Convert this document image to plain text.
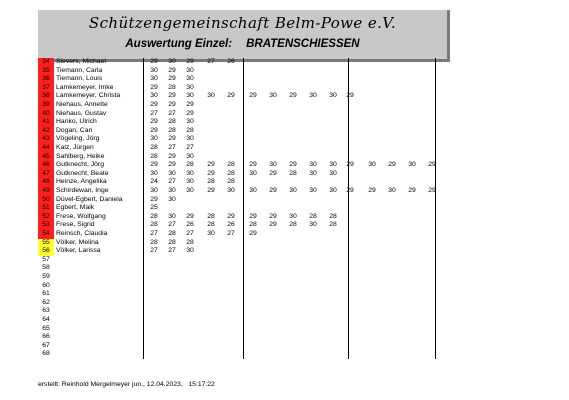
Schützengemeinschaft Belm-Powe e.V.
Auswertung Einzel: BRATENSCHIESSEN
34 Sievers, Michael	29	30	29	27	26
35 Tiemann, Carla	30	29	30
36 Tiemann, Louis	30	29	30
37 Lamkemeyer, Imke	29	28	30
38 Lamkemeyer, Christa	30	29	30	30	29	29	30	29	30	30	29
39 Niehaus, Annette	29	29	29
40 Niehaus, Gustav	27	27	29
41 Hanko, Ulrich	29	28	30
42 Dogan, Can	29	28	28
43 Vögeling, Jörg	30	29	30
44 Kalz, Jürgen	28	27	27
45 Sahlberg, Heike	28	29	30
46 Gutknecht, Jörg	29	29	28	29	28	29	30	29	30	30	29	30	29	30	29
47 Gutknecht, Beate	30	30	30	29	28	30	29	28	30	30
48 Heinze, Angelika	24	27	30	28	28
49 Schirdewan, Inge	30	30	30	29	30	30	29	30	30	30	29	29	30	29	29
50 Düvel-Egbert, Daniela	29	30
51 Egbert, Maik	25
52 Frese, Wolfgang	28	30	29	28	29	29	29	30	28	28
53 Frese, Sigrid	28	27	26	28	26	28	29	28	30	28
54 Reinsch, Claudia	27	28	27	30	27	29
55 Völker, Melina	28	28	28
56 Völker, Larissa	27	27	30
57
58
59
60
61
62
63
64
65
66
67
68
erstellt: Reinhold Mergelmeyer jun., 12.04.2023, 15:17:22
